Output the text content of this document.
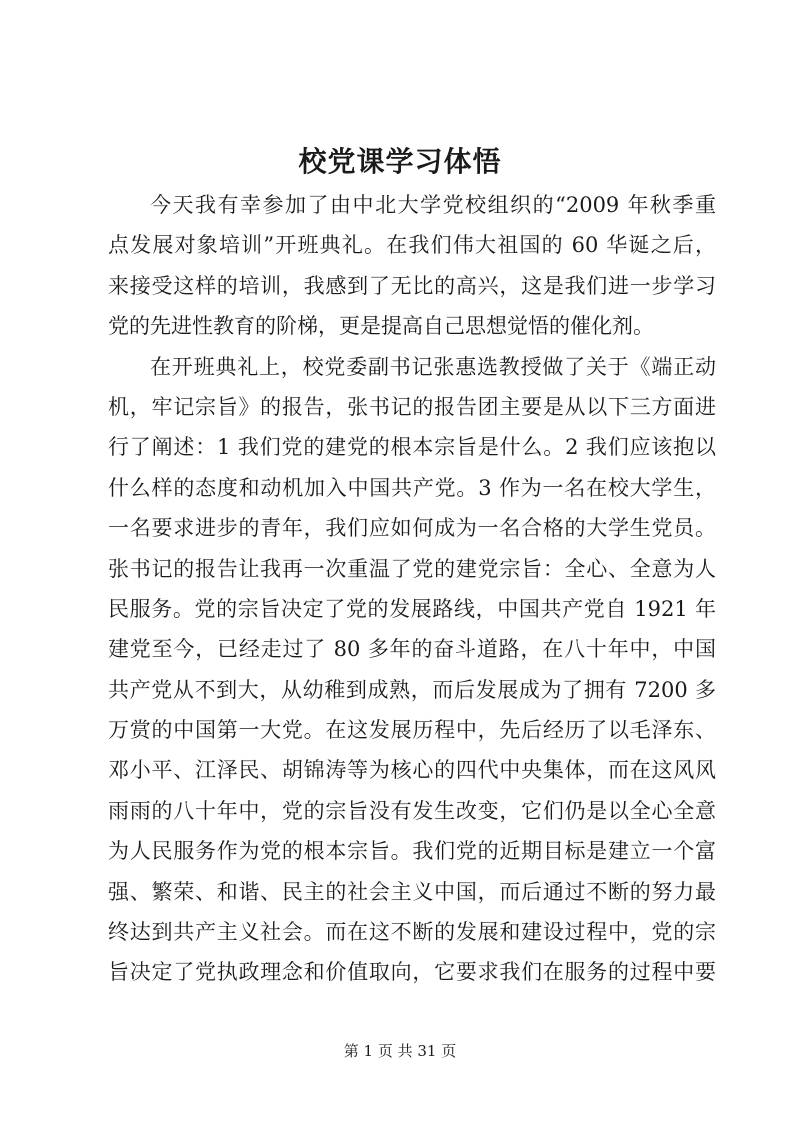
校党课学习体悟
今天我有幸参加了由中北大学党校组织的“2009 年秋季重
点发展对象培训”开班典礼。在我们伟大祖国的 60 华诞之后，
来接受这样的培训，我感到了无比的高兴，这是我们进一步学习
党的先进性教育的阶梯，更是提高自己思想觉悟的催化剂。
在开班典礼上，校党委副书记张惠选教授做了关于《端正动
机，牢记宗旨》的报告，张书记的报告团主要是从以下三方面进
行了阐述：1 我们党的建党的根本宗旨是什么。2 我们应该抱以
什么样的态度和动机加入中国共产党。3 作为一名在校大学生，
一名要求进步的青年，我们应如何成为一名合格的大学生党员。
张书记的报告让我再一次重温了党的建党宗旨：全心、全意为人
民服务。党的宗旨决定了党的发展路线，中国共产党自 1921 年
建党至今，已经走过了 80 多年的奋斗道路，在八十年中，中国
共产党从不到大，从幼稚到成熟，而后发展成为了拥有 7200 多
万赏的中国第一大党。在这发展历程中，先后经历了以毛泽东、
邓小平、江泽民、胡锦涛等为核心的四代中央集体，而在这风风
雨雨的八十年中，党的宗旨没有发生改变，它们仍是以全心全意
为人民服务作为党的根本宗旨。我们党的近期目标是建立一个富
强、繁荣、和谐、民主的社会主义中国，而后通过不断的努力最
终达到共产主义社会。而在这不断的发展和建设过程中，党的宗
旨决定了党执政理念和价值取向，它要求我们在服务的过程中要
第 1 页 共 31 页
